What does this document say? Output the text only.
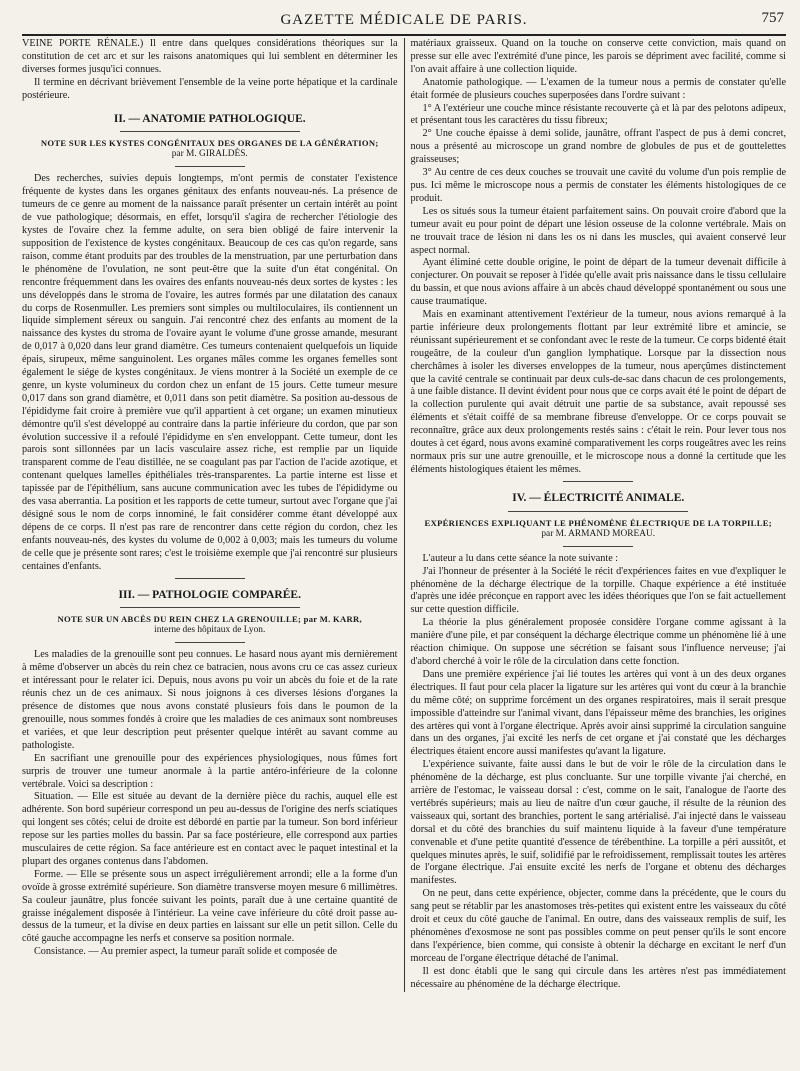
GAZETTE MÉDICALE DE PARIS.	757

VEINE PORTE RÉNALE.) Il entre dans quelques considérations théoriques sur la constitution de cet arc et sur les raisons anatomiques qui lui semblent en déterminer les diverses formes jusqu'ici connues.

Il termine en décrivant brièvement l'ensemble de la veine porte hépatique et la cardinale postérieure.

II. — ANATOMIE PATHOLOGIQUE.
NOTE SUR LES KYSTES CONGÉNITAUX DES ORGANES DE LA GÉNÉRATION;
par M. GIRALDÈS.

Des recherches, suivies depuis longtemps, m'ont permis de constater l'existence fréquente de kystes dans les organes génitaux des enfants nouveau-nés. La présence de tumeurs de ce genre au moment de la naissance paraît présenter un certain intérêt au point de vue pathologique; désormais, en effet, lorsqu'il s'agira de rechercher l'étiologie des kystes de l'ovaire chez la femme adulte, on sera bien obligé de faire intervenir la supposition de l'existence de kystes congénitaux. Beaucoup de ces cas qu'on regarde, sans raison, comme étant produits par des troubles de la menstruation, par une perturbation dans le phénomène de l'ovulation, ne sont peut-être que la suite d'un état congénital. On rencontre fréquemment dans les ovaires des enfants nouveau-nés deux sortes de kystes : les uns développés dans le stroma de l'ovaire, les autres formés par une dilatation des canaux du corps de Rosenmuller. Les premiers sont simples ou multiloculaires, ils contiennent un liquide simplement séreux ou sanguin. J'ai rencontré chez des enfants au moment de la naissance des kystes du stroma de l'ovaire ayant le volume d'une grosse amande, mesurant de 0,017 à 0,020 dans leur grand diamètre. Ces tumeurs contenaient quelquefois un liquide épais, sirupeux, même sanguinolent. Les organes mâles comme les organes femelles sont également le siége de kystes congénitaux. Je viens montrer à la Société un exemple de ce genre, un kyste volumineux du cordon chez un enfant de 15 jours. Cette tumeur mesure 0,017 dans son grand diamètre, et 0,011 dans son petit diamètre. Sa position au-dessous de l'épididyme fait croire à première vue qu'il appartient à cet organe; un examen minutieux démontre qu'il s'est développé au contraire dans la partie inférieure du cordon, que par son évolution successive il a refoulé l'épididyme en s'en enveloppant. Cette tumeur, dont les parois sont sillonnées par un lacis vasculaire assez riche, est remplie par un liquide transparent comme de l'eau distillée, ne se coagulant pas par l'action de l'acide azotique, et contenant quelques lamelles épithéliales très-transparentes. La partie interne est lisse et tapissée par de l'épithélium, sans aucune communication avec les tubes de l'épididyme ou des vasa aberrantia. La position et les rapports de cette tumeur, surtout avec l'organe que j'ai désigné sous le nom de corps innominé, le fait considérer comme étant développé aux dépens de ce corps. Il n'est pas rare de rencontrer dans cette région du cordon, chez les enfants nouveau-nés, des kystes du volume de 0,002 à 0,003; mais les tumeurs du volume de celle que je présente sont rares; c'est le troisième exemple que j'ai rencontré sur plusieurs centaines d'enfants.

III. — PATHOLOGIE COMPARÉE.
NOTE SUR UN ABCÈS DU REIN CHEZ LA GRENOUILLE; par M. KARR,
interne des hôpitaux de Lyon.

Les maladies de la grenouille sont peu connues. Le hasard nous ayant mis dernièrement à même d'observer un abcès du rein chez ce batracien, nous avons cru ce cas assez curieux et intéressant pour le relater ici. Depuis, nous avons pu voir un abcès du foie et de la rate réunis chez un de ces animaux. Si nous joignons à ces diverses lésions d'organes la présence de distomes que nous avons constaté plusieurs fois dans le poumon de la grenouille, nous sommes fondés à croire que les maladies de ces animaux sont nombreuses et variées, et que leur description peut présenter quelque intérêt au savant comme au pathologiste.

En sacrifiant une grenouille pour des expériences physiologiques, nous fûmes fort surpris de trouver une tumeur anormale à la partie antéro-inférieure de la colonne vertébrale. Voici sa description :

Situation. — Elle est située au devant de la dernière pièce du rachis, auquel elle est adhérente. Son bord supérieur correspond un peu au-dessus de l'origine des nerfs sciatiques qui longent ses côtés; celui de droite est débordé en partie par la tumeur. Son bord inférieur repose sur les parties molles du bassin. Par sa face postérieure, elle correspond aux parties musculaires de cette région. Sa face antérieure est en contact avec le paquet intestinal et la plupart des organes contenus dans l'abdomen.

Forme. — Elle se présente sous un aspect irrégulièrement arrondi; elle a la forme d'un ovoïde à grosse extrémité supérieure. Son diamètre transverse moyen mesure 6 millimètres. Sa couleur jaunâtre, plus foncée suivant les points, paraît due à une certaine quantité de graisse inégalement disposée à l'intérieur. La veine cave inférieure du côté droit passe au-dessus de la tumeur, et la divise en deux parties en laissant sur elle un petit sillon. Celle du côté gauche accompagne les nerfs et conserve sa position normale.

Consistance. — Au premier aspect, la tumeur paraît solide et composée de

matériaux graisseux. Quand on la touche on conserve cette conviction, mais quand on presse sur elle avec l'extrémité d'une pince, les parois se dépriment avec facilité, comme si l'on avait affaire à une collection liquide.

Anatomie pathologique. — L'examen de la tumeur nous a permis de constater qu'elle était formée de plusieurs couches superposées dans l'ordre suivant :

1° A l'extérieur une couche mince résistante recouverte çà et là par des pelotons adipeux, et présentant tous les caractères du tissu fibreux;

2° Une couche épaisse à demi solide, jaunâtre, offrant l'aspect de pus à demi concret, nous a présenté au microscope un grand nombre de globules de pus et de gouttelettes graisseuses;

3° Au centre de ces deux couches se trouvait une cavité du volume d'un pois remplie de pus. Ici même le microscope nous a permis de constater les éléments histologiques de ce produit.

Les os situés sous la tumeur étaient parfaitement sains. On pouvait croire d'abord que la tumeur avait eu pour point de départ une lésion osseuse de la colonne vertébrale. Mais on ne trouvait trace de lésion ni dans les os ni dans les muscles, qui avaient conservé leur aspect normal.

Ayant éliminé cette double origine, le point de départ de la tumeur devenait difficile à conjecturer. On pouvait se reposer à l'idée qu'elle avait pris naissance dans le tissu cellulaire du bassin, et que nous avions affaire à un abcès chaud développé spontanément ou sous une cause traumatique.

Mais en examinant attentivement l'extérieur de la tumeur, nous avions remarqué à la partie inférieure deux prolongements flottant par leur extrémité libre et amincie, se réunissant supérieurement et se confondant avec le reste de la tumeur. Ce corps bidenté était rougeâtre, de la couleur d'un ganglion lymphatique. Lorsque par la dissection nous cherchâmes à isoler les diverses enveloppes de la tumeur, nous aperçûmes distinctement que la cavité centrale se continuait par deux culs-de-sac dans chacun de ces prolongements, à une faible distance. Il devint évident pour nous que ce corps avait été le point de départ de la collection purulente qui avait détruit une partie de sa substance, avait repoussé ses éléments et s'était coiffé de sa membrane fibreuse d'enveloppe. Or ce corps pouvait se reconnaître, grâce aux deux prolongements restés sains : c'était le rein. Pour lever tous nos doutes à cet égard, nous avons examiné comparativement les corps rougeâtres avec les reins normaux pris sur une autre grenouille, et le microscope nous a donné la certitude que les éléments histologiques étaient les mêmes.

IV. — ÉLECTRICITÉ ANIMALE.
EXPÉRIENCES EXPLIQUANT LE PHÉNOMÈNE ÉLECTRIQUE DE LA TORPILLE;
par M. ARMAND MOREAU.

L'auteur a lu dans cette séance la note suivante :

J'ai l'honneur de présenter à la Société le récit d'expériences faites en vue d'expliquer le phénomène de la décharge électrique de la torpille. Chaque expérience a été instituée d'après une idée préconçue en rapport avec les idées théoriques que l'on se fait actuellement sur cette question difficile.

La théorie la plus généralement proposée considère l'organe comme agissant à la manière d'une pile, et par conséquent la décharge électrique comme un phénomène lié à une réaction chimique. On suppose une sécrétion se faisant sous l'influence nerveuse; j'ai d'abord cherché à voir le rôle de la circulation dans cette fonction.

Dans une première expérience j'ai lié toutes les artères qui vont à un des deux organes électriques. Il faut pour cela placer la ligature sur les artères qui vont du cœur à la branchie du même côté; on supprime forcément un des organes respiratoires, mais il serait presque impossible d'atteindre sur l'animal vivant, dans l'épaisseur même des branchies, les origines des artères qui vont à l'organe électrique. Après avoir ainsi supprimé la circulation sanguine dans un des organes, j'ai excité les nerfs de cet organe et j'ai constaté que les décharges électriques étaient encore aussi manifestes qu'avant la ligature.

L'expérience suivante, faite aussi dans le but de voir le rôle de la circulation dans le phénomène de la décharge, est plus concluante. Sur une torpille vivante j'ai cherché, en arrière de l'estomac, le vaisseau dorsal : c'est, comme on le sait, l'analogue de l'aorte des vertébrés supérieurs; mais au lieu de naître d'un cœur gauche, il résulte de la réunion des vaisseaux qui, sortant des branchies, portent le sang artérialisé. J'ai injecté dans le vaisseau dorsal et du côté des branchies du suif maintenu liquide à la faveur d'une température convenable et d'une petite quantité d'essence de térébenthine. La torpille a péri aussitôt, et quelques minutes après, le suif, solidifié par le refroidissement, remplissait toutes les artères de l'organe électrique. J'ai ensuite excité les nerfs de l'organe et obtenu des décharges manifestes.

On ne peut, dans cette expérience, objecter, comme dans la précédente, que le cours du sang peut se rétablir par les anastomoses très-petites qui existent entre les vaisseaux du côté droit et ceux du côté gauche de l'animal. En outre, dans des vaisseaux remplis de suif, les phénomènes d'exosmose ne sont pas possibles comme on peut penser qu'ils le sont encore dans l'expérience, bien comme, qui consiste à obtenir la décharge en excitant le nerf d'un morceau de l'organe électrique détaché de l'animal.

Il est donc établi que le sang qui circule dans les artères n'est pas immédiatement nécessaire au phénomène de la décharge électrique.
